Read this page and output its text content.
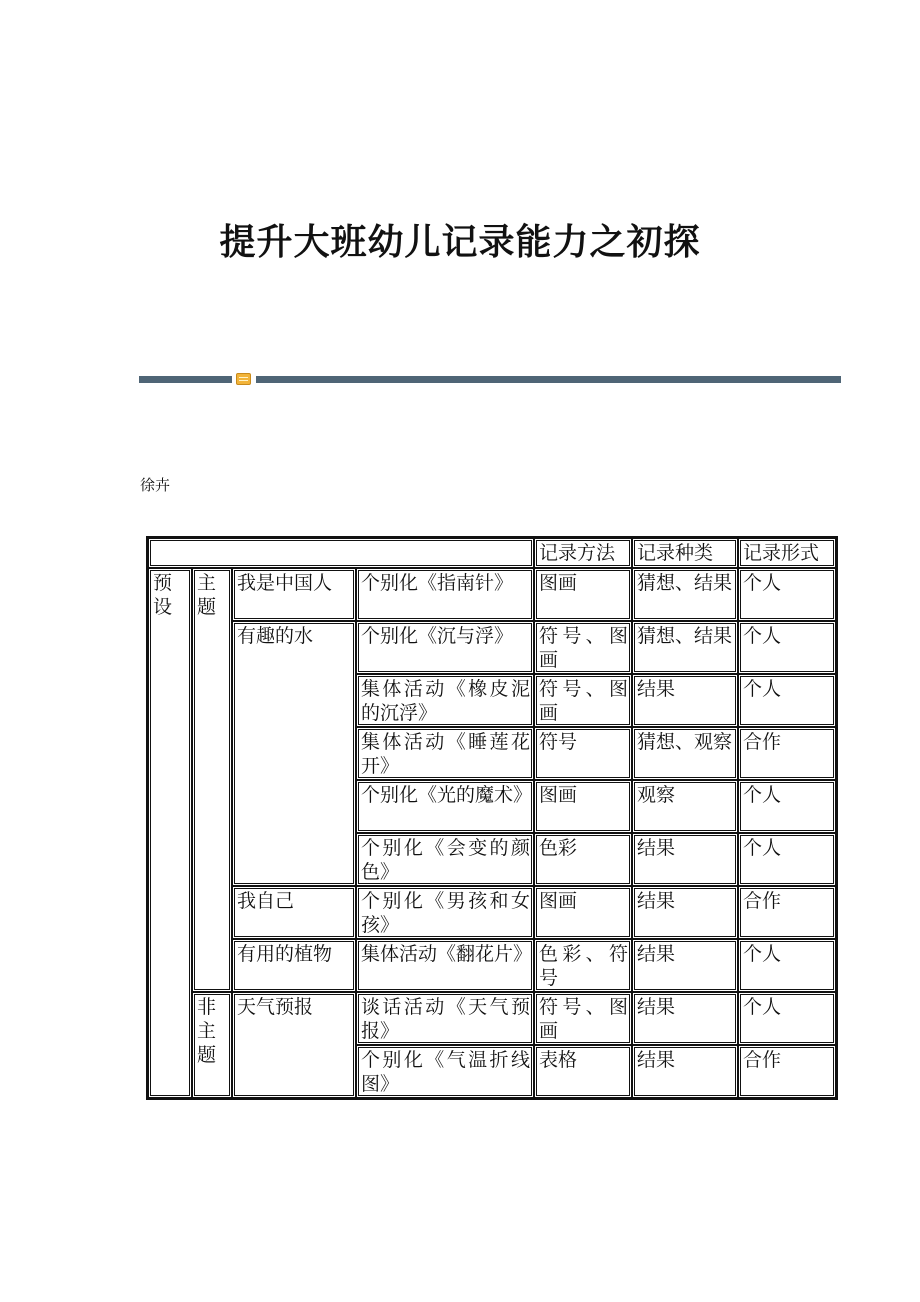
提升大班幼儿记录能力之初探
徐卉
				记录方法	记录种类	记录形式
预设	主题	我是中国人	个别化《指南针》	图画	猜想、结果	个人
		有趣的水	个别化《沉与浮》	符号、图画	猜想、结果	个人
			集体活动《橡皮泥的沉浮》	符号、图画	结果	个人
			集体活动《睡莲花开》	符号	猜想、观察	合作
			个别化《光的魔术》	图画	观察	个人
			个别化《会变的颜色》	色彩	结果	个人
		我自己	个别化《男孩和女孩》	图画	结果	合作
		有用的植物	集体活动《翻花片》	色彩、符号	结果	个人
	非主题	天气预报	谈话活动《天气预报》	符号、图画	结果	个人
			个别化《气温折线图》	表格	结果	合作
